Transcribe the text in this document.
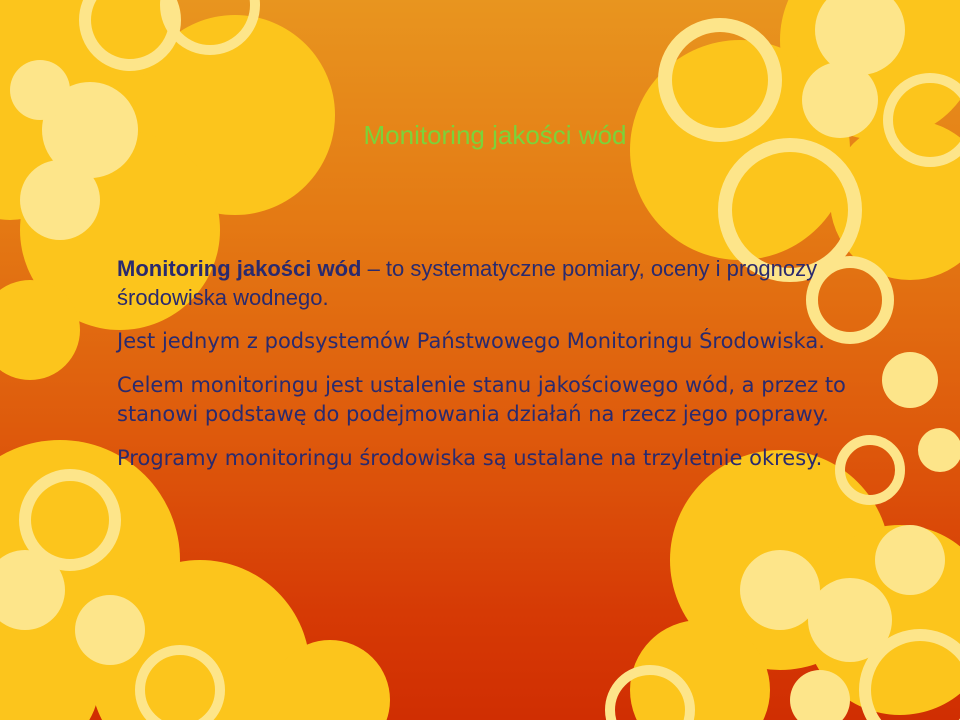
Monitoring jakości wód

Monitoring jakości wód – to systematyczne pomiary, oceny i prognozy środowiska wodnego.

Jest jednym z podsystemów Państwowego Monitoringu Środowiska.

Celem monitoringu jest ustalenie stanu jakościowego wód, a przez to stanowi podstawę do podejmowania działań na rzecz jego poprawy.

Programy monitoringu środowiska są ustalane na trzyletnie okresy.
